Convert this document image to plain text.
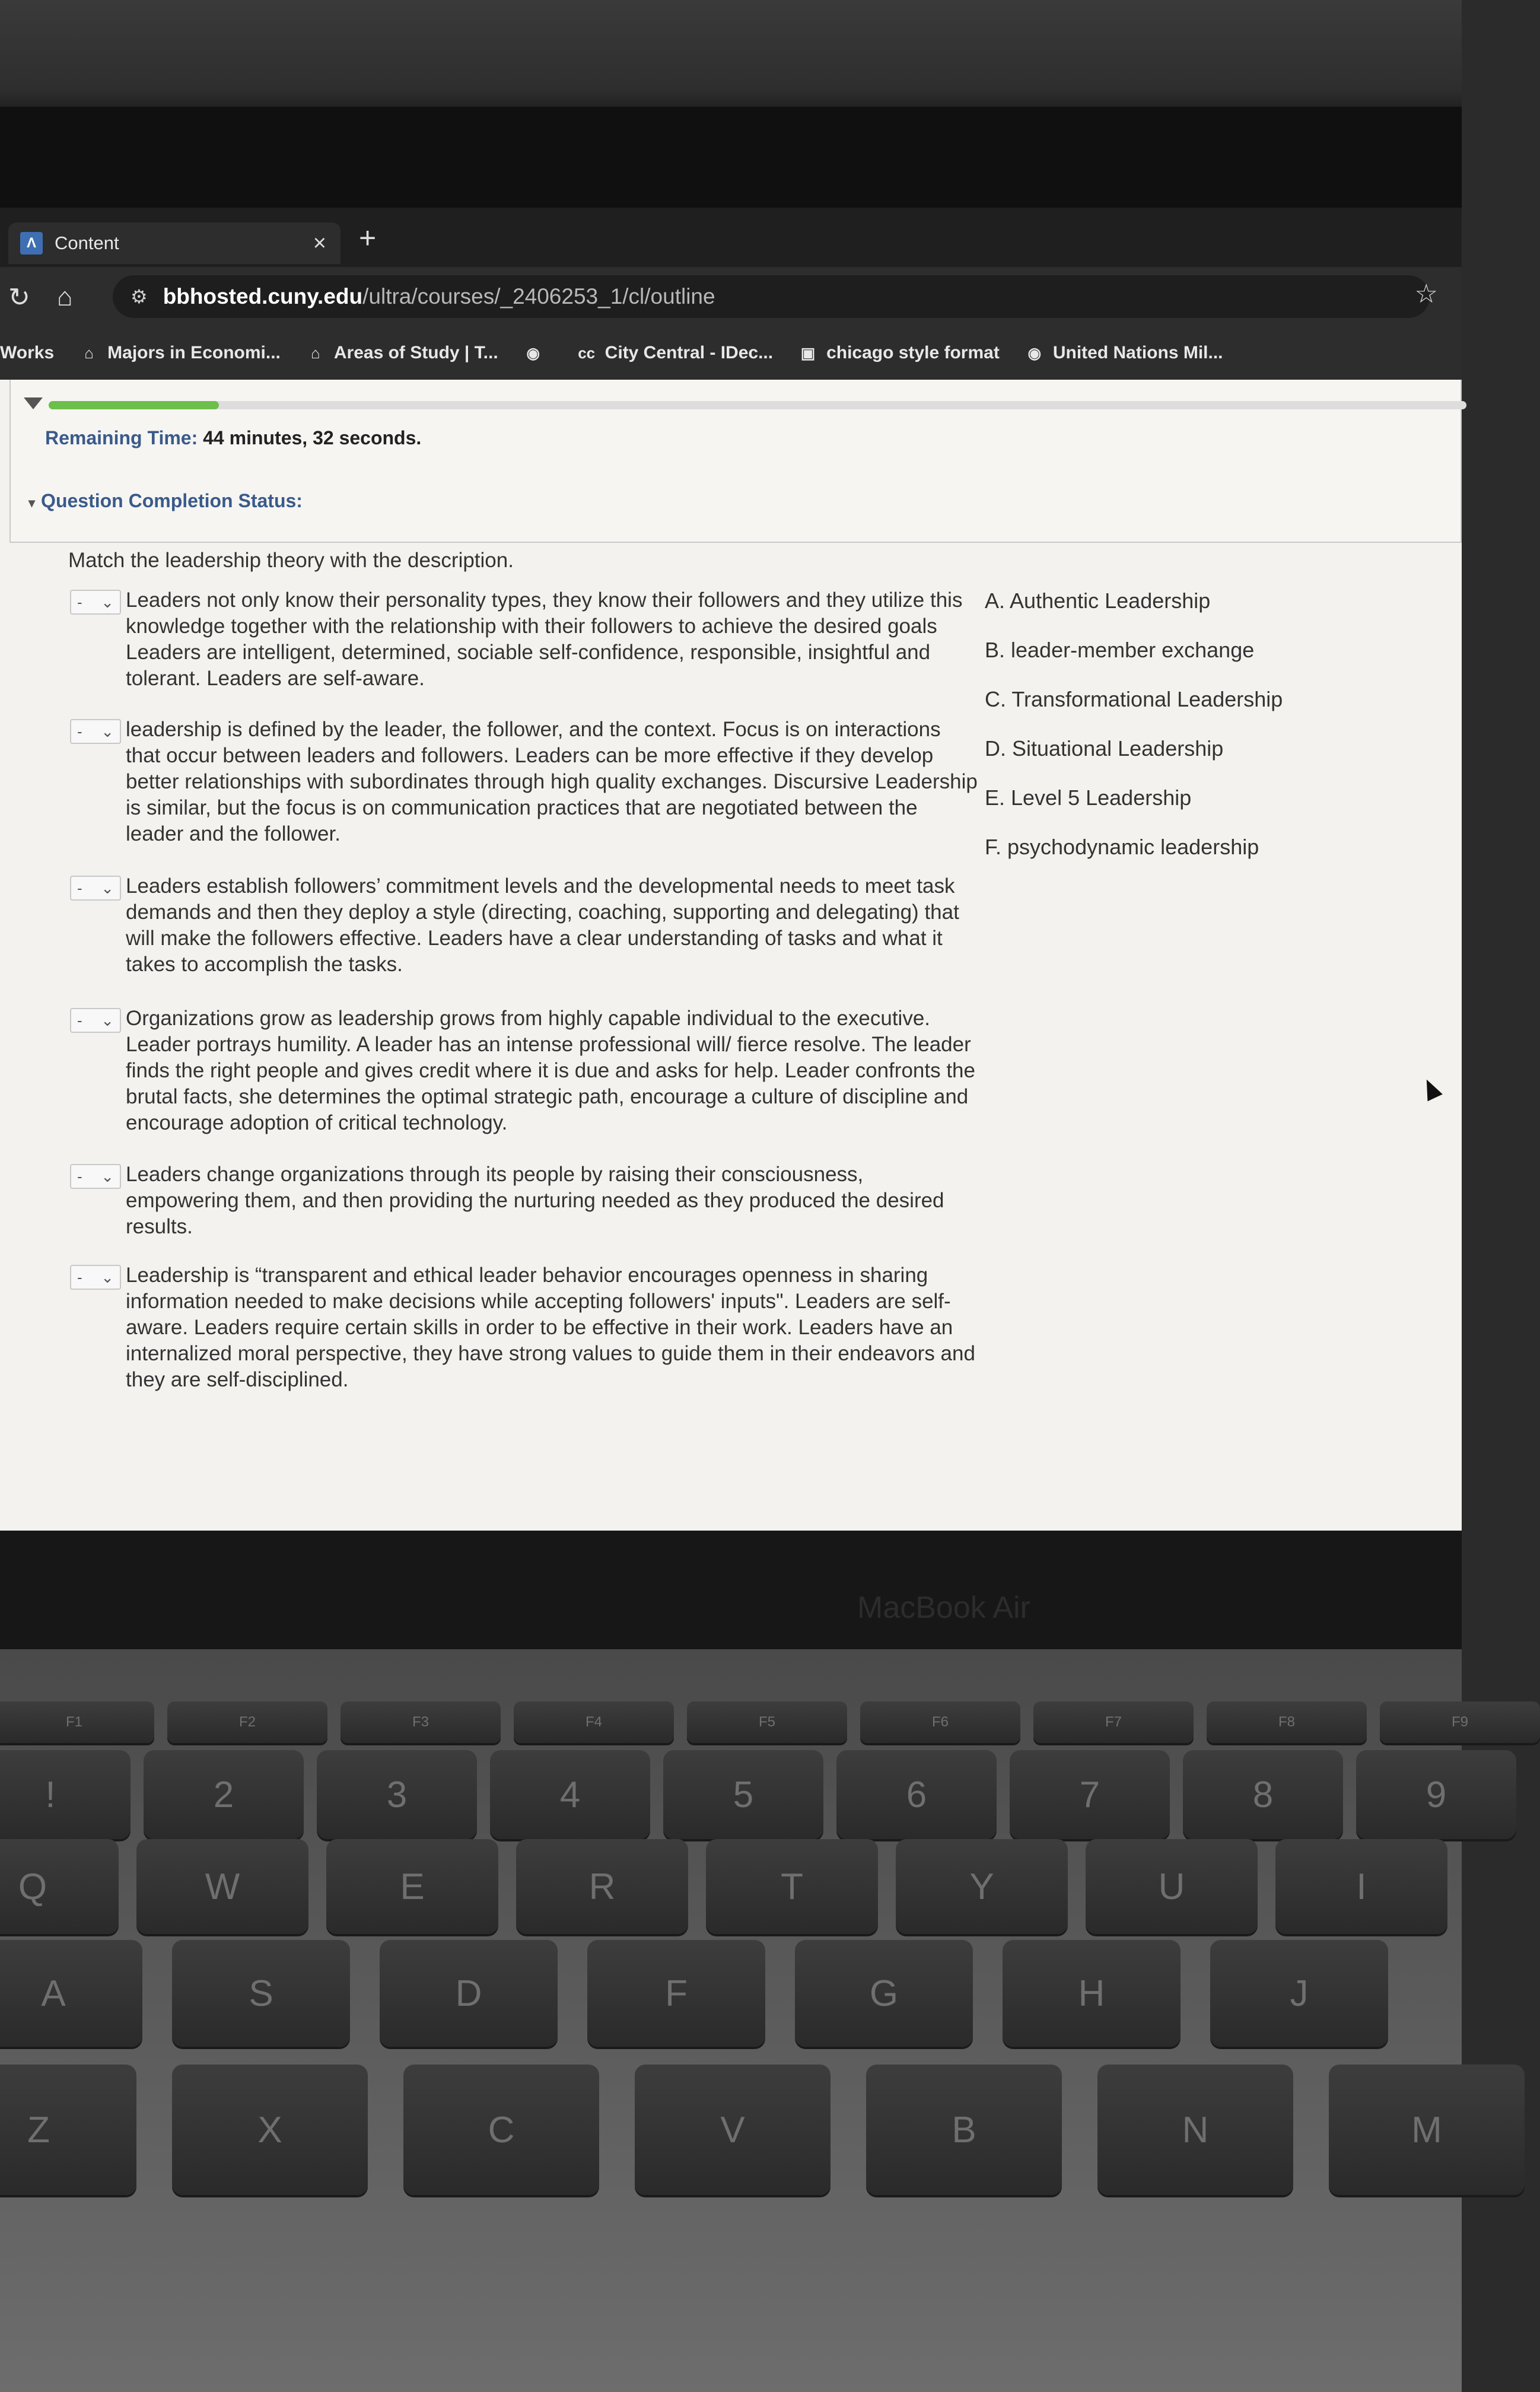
Λ	Content	× +
↻ ⌂	⚙ bbhosted.cuny.edu /ultra/courses/_2406253_1/cl/outline	☆
Works	⌂ Majors in Economi...	⌂ Areas of Study | T... ◉ cc City Central - IDec... ▣ chicago style format ◉ United Nations Mil...
Remaining Time: 44 minutes, 32 seconds.
▾ Question Completion Status:
Match the leadership theory with the description.
- ⌄ Leaders not only know their personality types, they know their followers and they utilize this knowledge together with the relationship with their followers to achieve the desired goals Leaders are intelligent, determined, sociable self-confidence, responsible, insightful and tolerant. Leaders are self-aware.
- ⌄ leadership is defined by the leader, the follower, and the context. Focus is on interactions that occur between leaders and followers. Leaders can be more effective if they develop better relationships with subordinates through high quality exchanges. Discursive Leadership is similar, but the focus is on communication practices that are negotiated between the leader and the follower.
- ⌄ Leaders establish followers’ commitment levels and the developmental needs to meet task demands and then they deploy a style (directing, coaching, supporting and delegating) that will make the followers effective. Leaders have a clear understanding of tasks and what it takes to accomplish the tasks.
- ⌄ Organizations grow as leadership grows from highly capable individual to the executive. Leader portrays humility. A leader has an intense professional will/ fierce resolve. The leader finds the right people and gives credit where it is due and asks for help. Leader confronts the brutal facts, she determines the optimal strategic path, encourage a culture of discipline and encourage adoption of critical technology.
- ⌄ Leaders change organizations through its people by raising their consciousness, empowering them, and then providing the nurturing needed as they produced the desired results.
- ⌄ Leadership is “transparent and ethical leader behavior encourages openness in sharing information needed to make decisions while accepting followers' inputs". Leaders are self-aware. Leaders require certain skills in order to be effective in their work. Leaders have an internalized moral perspective, they have strong values to guide them in their endeavors and they are self-disciplined.
A. Authentic Leadership
B. leader-member exchange
C. Transformational Leadership
D. Situational Leadership
E. Level 5 Leadership
F. psychodynamic leadership
MacBook Air
F1	F2	F3	F4	F5	F6	F7	F8	F9
!	2	3	4	5	6	7	8	9
Q	W	E	R	T	Y	U	I
A	S	D	F	G	H	J
Z	X	C	V	B	N	M
